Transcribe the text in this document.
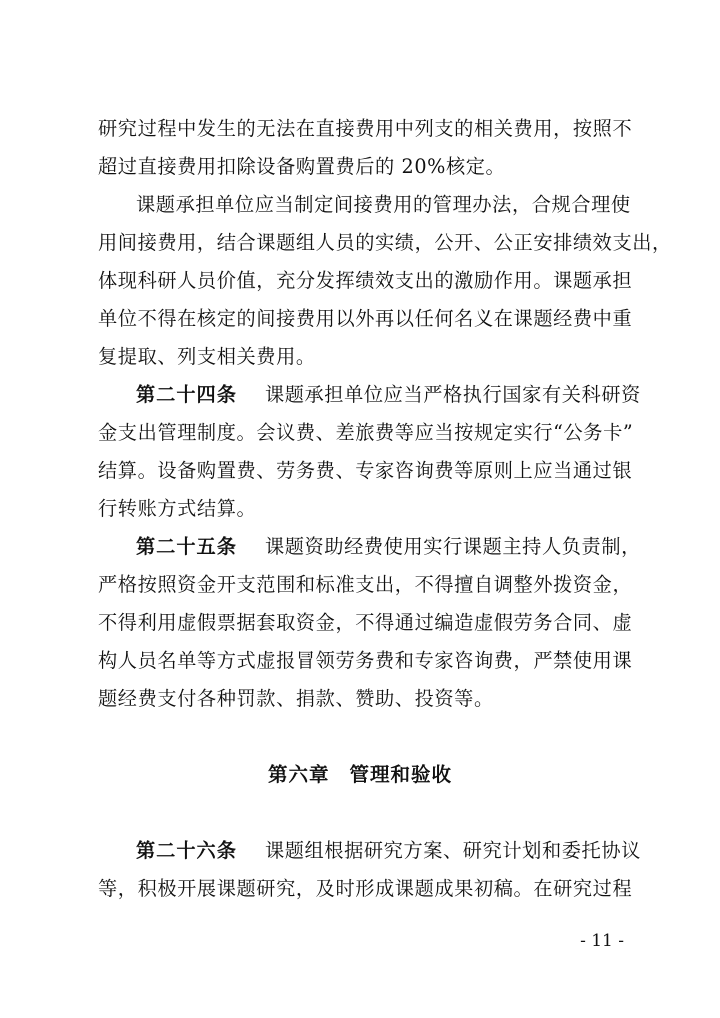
研究过程中发生的无法在直接费用中列支的相关费用，按照不
超过直接费用扣除设备购置费后的 20%核定。
课题承担单位应当制定间接费用的管理办法，合规合理使
用间接费用，结合课题组人员的实绩，公开、公正安排绩效支出，
体现科研人员价值，充分发挥绩效支出的激励作用。课题承担
单位不得在核定的间接费用以外再以任何名义在课题经费中重
复提取、列支相关费用。
第二十四条 课题承担单位应当严格执行国家有关科研资
金支出管理制度。会议费、差旅费等应当按规定实行“公务卡”
结算。设备购置费、劳务费、专家咨询费等原则上应当通过银
行转账方式结算。
第二十五条 课题资助经费使用实行课题主持人负责制，
严格按照资金开支范围和标准支出，不得擅自调整外拨资金，
不得利用虚假票据套取资金，不得通过编造虚假劳务合同、虚
构人员名单等方式虚报冒领劳务费和专家咨询费，严禁使用课
题经费支付各种罚款、捐款、赞助、投资等。
第六章 管理和验收
第二十六条 课题组根据研究方案、研究计划和委托协议
等，积极开展课题研究，及时形成课题成果初稿。在研究过程
- 11 -
